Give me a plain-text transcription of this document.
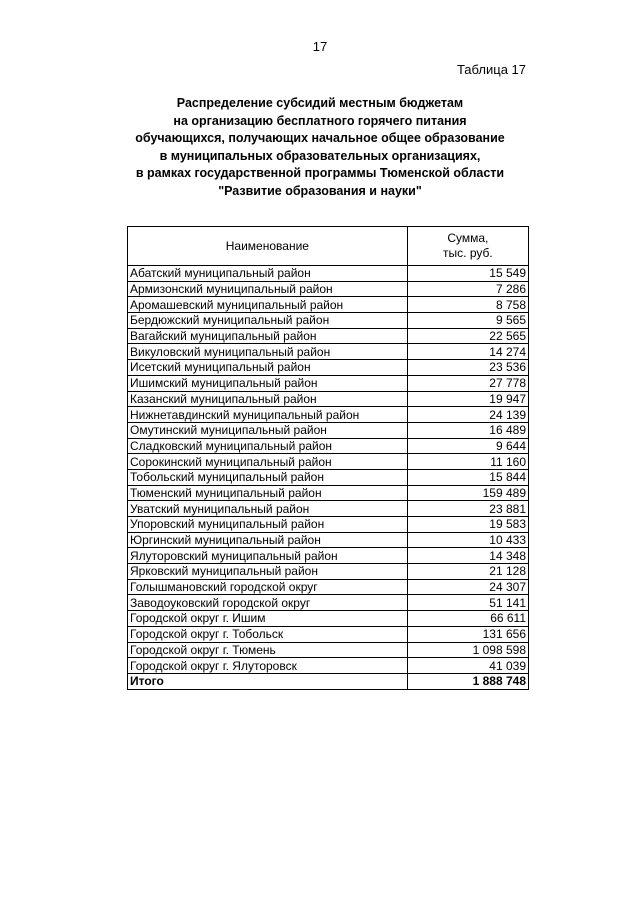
17
Таблица 17
Распределение субсидий местным бюджетам
на организацию бесплатного горячего питания
обучающихся, получающих начальное общее образование
в муниципальных образовательных организациях,
в рамках государственной программы Тюменской области
"Развитие образования и науки"
Наименование	Сумма,
тыс. руб.
Абатский муниципальный район	15 549
Армизонский муниципальный район	7 286
Аромашевский муниципальный район	8 758
Бердюжский муниципальный район	9 565
Вагайский муниципальный район	22 565
Викуловский муниципальный район	14 274
Исетский муниципальный район	23 536
Ишимский муниципальный район	27 778
Казанский муниципальный район	19 947
Нижнетавдинский муниципальный район	24 139
Омутинский муниципальный район	16 489
Сладковский муниципальный район	9 644
Сорокинский муниципальный район	11 160
Тобольский муниципальный район	15 844
Тюменский муниципальный район	159 489
Уватский муниципальный район	23 881
Упоровский муниципальный район	19 583
Юргинский муниципальный район	10 433
Ялуторовский муниципальный район	14 348
Ярковский муниципальный район	21 128
Голышмановский городской округ	24 307
Заводоуковский городской округ	51 141
Городской округ г. Ишим	66 611
Городской округ г. Тобольск	131 656
Городской округ г. Тюмень	1 098 598
Городской округ г. Ялуторовск	41 039
Итого	1 888 748
